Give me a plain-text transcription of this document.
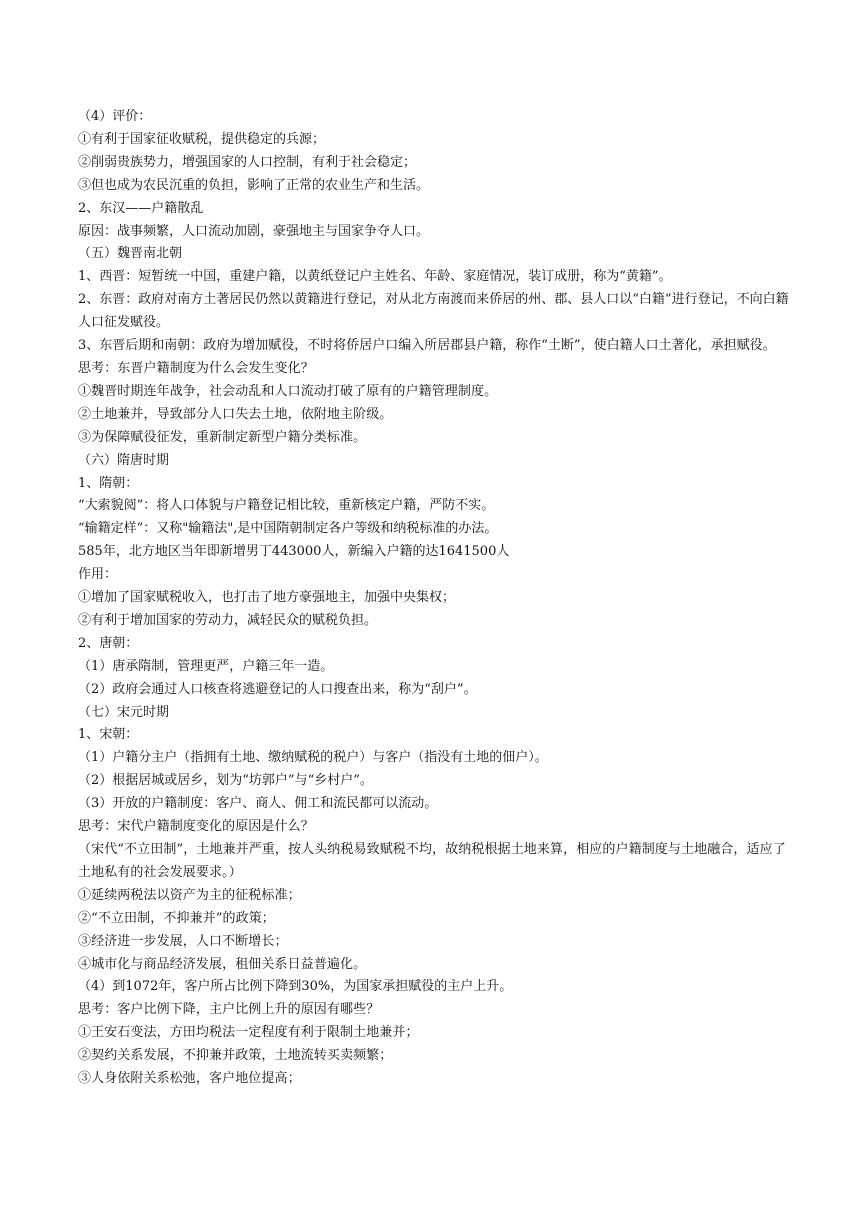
（4）评价：
①有利于国家征收赋税，提供稳定的兵源；
②削弱贵族势力，增强国家的人口控制，有利于社会稳定；
③但也成为农民沉重的负担，影响了正常的农业生产和生活。
2、东汉——户籍散乱
原因：战事频繁，人口流动加剧，豪强地主与国家争夺人口。
（五）魏晋南北朝
1、西晋：短暂统一中国，重建户籍，以黄纸登记户主姓名、年龄、家庭情况，装订成册，称为“黄籍”。
2、东晋：政府对南方土著居民仍然以黄籍进行登记，对从北方南渡而来侨居的州、郡、县人口以“白籍”进行登记，不向白籍人口征发赋役。
3、东晋后期和南朝：政府为增加赋役，不时将侨居户口编入所居郡县户籍，称作“土断”，使白籍人口土著化，承担赋役。
思考：东晋户籍制度为什么会发生变化？
①魏晋时期连年战争，社会动乱和人口流动打破了原有的户籍管理制度。
②土地兼并，导致部分人口失去土地，依附地主阶级。
③为保障赋役征发，重新制定新型户籍分类标准。
（六）隋唐时期
1、隋朝：
“大索貌阅”：将人口体貌与户籍登记相比较，重新核定户籍，严防不实。
“输籍定样”：又称"输籍法",是中国隋朝制定各户等级和纳税标准的办法。
585年，北方地区当年即新增男丁443000人，新编入户籍的达1641500人
作用：
①增加了国家赋税收入，也打击了地方豪强地主，加强中央集权；
②有利于增加国家的劳动力，减轻民众的赋税负担。
2、唐朝：
（1）唐承隋制，管理更严，户籍三年一造。
（2）政府会通过人口核查将逃避登记的人口搜查出来，称为“刮户”。
（七）宋元时期
1、宋朝：
（1）户籍分主户（指拥有土地、缴纳赋税的税户）与客户（指没有土地的佃户）。
（2）根据居城或居乡，划为“坊郭户”与“乡村户”。
（3）开放的户籍制度：客户、商人、佣工和流民都可以流动。
思考：宋代户籍制度变化的原因是什么？
（宋代“不立田制”，土地兼并严重，按人头纳税易致赋税不均，故纳税根据土地来算，相应的户籍制度与土地融合，适应了土地私有的社会发展要求。）
①延续两税法以资产为主的征税标准；
②“不立田制，不抑兼并”的政策；
③经济进一步发展，人口不断增长；
④城市化与商品经济发展，租佃关系日益普遍化。
（4）到1072年，客户所占比例下降到30%，为国家承担赋役的主户上升。
思考：客户比例下降，主户比例上升的原因有哪些？
①王安石变法，方田均税法一定程度有利于限制土地兼并；
②契约关系发展，不抑兼并政策，土地流转买卖频繁；
③人身依附关系松弛，客户地位提高；
